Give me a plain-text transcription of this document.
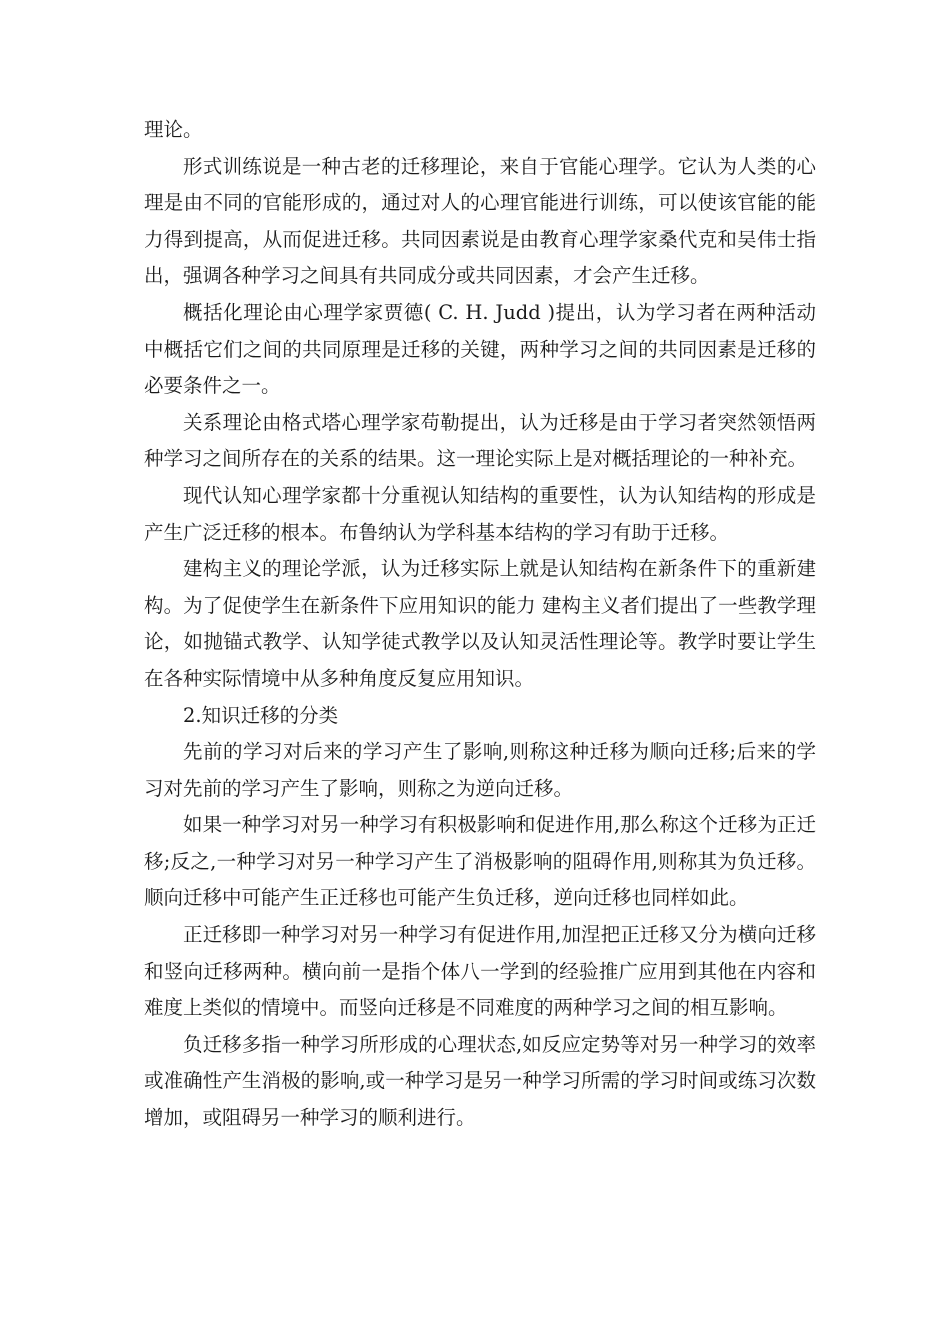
理论。

形式训练说是一种古老的迁移理论，来自于官能心理学。它认为人类的心理是由不同的官能形成的，通过对人的心理官能进行训练，可以使该官能的能力得到提高，从而促进迁移。共同因素说是由教育心理学家桑代克和吴伟士指出，强调各种学习之间具有共同成分或共同因素，才会产生迁移。

概括化理论由心理学家贾德( C. H. Judd )提出，认为学习者在两种活动中概括它们之间的共同原理是迁移的关键，两种学习之间的共同因素是迁移的必要条件之一。

关系理论由格式塔心理学家苟勒提出，认为迁移是由于学习者突然领悟两种学习之间所存在的关系的结果。这一理论实际上是对概括理论的一种补充。

现代认知心理学家都十分重视认知结构的重要性，认为认知结构的形成是产生广泛迁移的根本。布鲁纳认为学科基本结构的学习有助于迁移。

建构主义的理论学派，认为迁移实际上就是认知结构在新条件下的重新建构。为了促使学生在新条件下应用知识的能力 建构主义者们提出了一些教学理论，如抛锚式教学、认知学徒式教学以及认知灵活性理论等。教学时要让学生在各种实际情境中从多种角度反复应用知识。

2.知识迁移的分类

先前的学习对后来的学习产生了影响,则称这种迁移为顺向迁移;后来的学习对先前的学习产生了影响，则称之为逆向迁移。

如果一种学习对另一种学习有积极影响和促进作用,那么称这个迁移为正迁移;反之,一种学习对另一种学习产生了消极影响的阻碍作用,则称其为负迁移。顺向迁移中可能产生正迁移也可能产生负迁移，逆向迁移也同样如此。

正迁移即一种学习对另一种学习有促进作用,加涅把正迁移又分为横向迁移和竖向迁移两种。横向前一是指个体八一学到的经验推广应用到其他在内容和难度上类似的情境中。而竖向迁移是不同难度的两种学习之间的相互影响。

负迁移多指一种学习所形成的心理状态,如反应定势等对另一种学习的效率或准确性产生消极的影响,或一种学习是另一种学习所需的学习时间或练习次数增加，或阻碍另一种学习的顺利进行。
